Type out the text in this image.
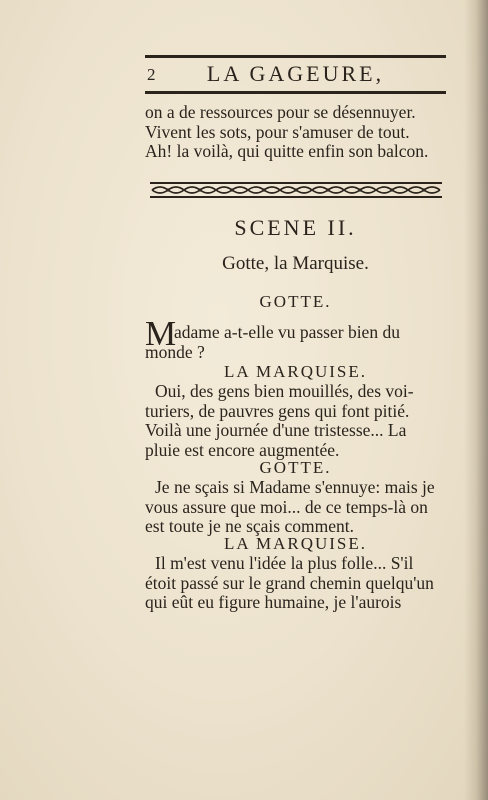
2	LA GAGEURE,
on a de ressources pour se désennuyer.
Vivent les sots, pour s'amuser de tout.
Ah! la voilà, qui quitte enfin son balcon.
SCENE II.
Gotte, la Marquise.
GOTTE.
M
adame a-t-elle vu passer bien du
monde ?
LA MARQUISE.
Oui, des gens bien mouillés, des voi-
turiers, de pauvres gens qui font pitié.
Voilà une journée d'une tristesse... La
pluie est encore augmentée.
GOTTE.
Je ne sçais si Madame s'ennuye: mais je
vous assure que moi... de ce temps-là on
est toute je ne sçais comment.
LA MARQUISE.
Il m'est venu l'idée la plus folle... S'il
étoit passé sur le grand chemin quelqu'un
qui eût eu figure humaine, je l'aurois
